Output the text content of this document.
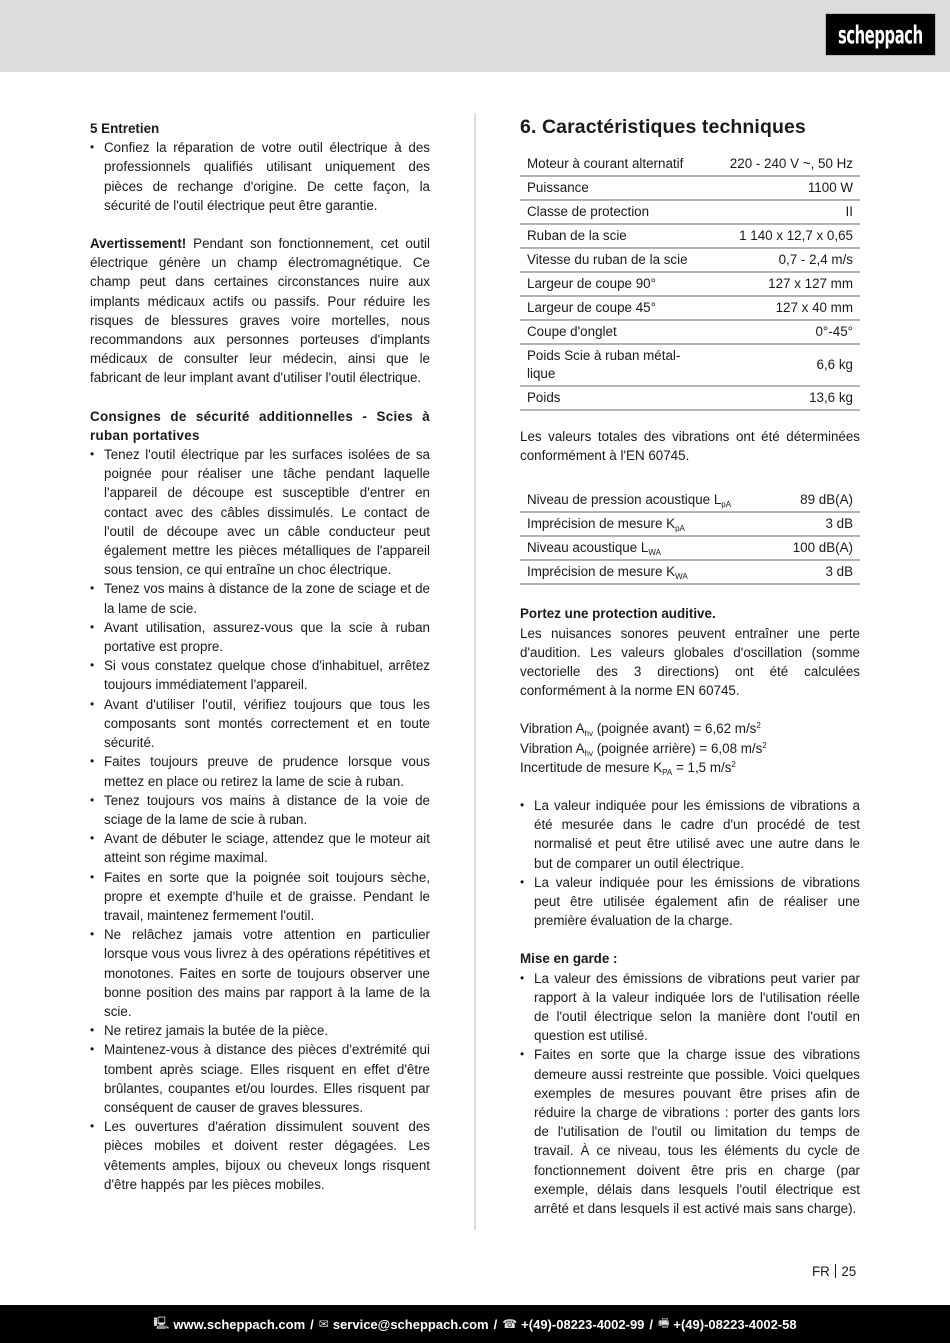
scheppach
5 Entretien
• Confiez la réparation de votre outil électrique à des professionnels qualifiés utilisant uniquement des pièces de rechange d'origine. De cette façon, la sécurité de l'outil électrique peut être garantie.

Avertissement! Pendant son fonctionnement, cet outil électrique génère un champ électromagnétique. Ce champ peut dans certaines circonstances nuire aux implants médicaux actifs ou passifs. Pour réduire les risques de blessures graves voire mortelles, nous recommandons aux personnes porteuses d'implants médicaux de consulter leur médecin, ainsi que le fabricant de leur implant avant d'utiliser l'outil électrique.

Consignes de sécurité additionnelles - Scies à ruban portatives
• Tenez l'outil électrique par les surfaces isolées de sa poignée pour réaliser une tâche pendant laquelle l'appareil de découpe est susceptible d'entrer en contact avec des câbles dissimulés. Le contact de l'outil de découpe avec un câble conducteur peut également mettre les pièces métalliques de l'appareil sous tension, ce qui entraîne un choc électrique.
• Tenez vos mains à distance de la zone de sciage et de la lame de scie.
• Avant utilisation, assurez-vous que la scie à ruban portative est propre.
• Si vous constatez quelque chose d'inhabituel, arrêtez toujours immédiatement l'appareil.
• Avant d'utiliser l'outil, vérifiez toujours que tous les composants sont montés correctement et en toute sécurité.
• Faites toujours preuve de prudence lorsque vous mettez en place ou retirez la lame de scie à ruban.
• Tenez toujours vos mains à distance de la voie de sciage de la lame de scie à ruban.
• Avant de débuter le sciage, attendez que le moteur ait atteint son régime maximal.
• Faites en sorte que la poignée soit toujours sèche, propre et exempte d'huile et de graisse. Pendant le travail, maintenez fermement l'outil.
• Ne relâchez jamais votre attention en particulier lorsque vous vous livrez à des opérations répétitives et monotones. Faites en sorte de toujours observer une bonne position des mains par rapport à la lame de la scie.
• Ne retirez jamais la butée de la pièce.
• Maintenez-vous à distance des pièces d'extrémité qui tombent après sciage. Elles risquent en effet d'être brûlantes, coupantes et/ou lourdes. Elles risquent par conséquent de causer de graves blessures.
• Les ouvertures d'aération dissimulent souvent des pièces mobiles et doivent rester dégagées. Les vêtements amples, bijoux ou cheveux longs risquent d'être happés par les pièces mobiles.
6. Caractéristiques techniques
Moteur à courant alternatif	220 - 240 V ~, 50 Hz
Puissance	1100 W
Classe de protection	II
Ruban de la scie	1 140 x 12,7 x 0,65
Vitesse du ruban de la scie	0,7 - 2,4 m/s
Largeur de coupe 90°	127 x 127 mm
Largeur de coupe 45°	127 x 40 mm
Coupe d'onglet	0°-45°
Poids Scie à ruban métal-lique	6,6 kg
Poids	13,6 kg

Les valeurs totales des vibrations ont été déterminées conformément à l'EN 60745.

Niveau de pression acoustique $L_{pA}$	89 dB(A)
Imprécision de mesure $K_{pA}$	3 dB
Niveau acoustique $L_{WA}$	100 dB(A)
Imprécision de mesure $K_{WA}$	3 dB
Portez une protection auditive.

Les nuisances sonores peuvent entraîner une perte d'audition. Les valeurs globales d'oscillation (somme vectorielle des 3 directions) ont été calculées conformément à la norme EN 60745.

Vibration $A_{hv}$ (poignée avant) = 6,62 $m/s^2$
Vibration $A_{hv}$ (poignée arrière) = 6,08 $m/s^2$
Incertitude de mesure $K_{PA} = 1,5$ $m/s^2$
• La valeur indiquée pour les émissions de vibrations a été mesurée dans le cadre d'un procédé de test normalisé et peut être utilisé avec une autre dans le but de comparer un outil électrique.
• La valeur indiquée pour les émissions de vibrations peut être utilisée également afin de réaliser une première évaluation de la charge.
Mise en garde :
• La valeur des émissions de vibrations peut varier par rapport à la valeur indiquée lors de l'utilisation réelle de l'outil électrique selon la manière dont l'outil en question est utilisé.
• Faites en sorte que la charge issue des vibrations demeure aussi restreinte que possible. Voici quelques exemples de mesures pouvant être prises afin de réduire la charge de vibrations : porter des gants lors de l'utilisation de l'outil ou limitation du temps de travail. À ce niveau, tous les éléments du cycle de fonctionnement doivent être pris en charge (par exemple, délais dans lesquels l'outil électrique est arrêté et dans lesquels il est activé mais sans charge).
FR 25
🖳 www.scheppach.com / ✉ service@scheppach.com / ☎ +(49)-08223-4002-99 / 🖷 +(49)-08223-4002-58
